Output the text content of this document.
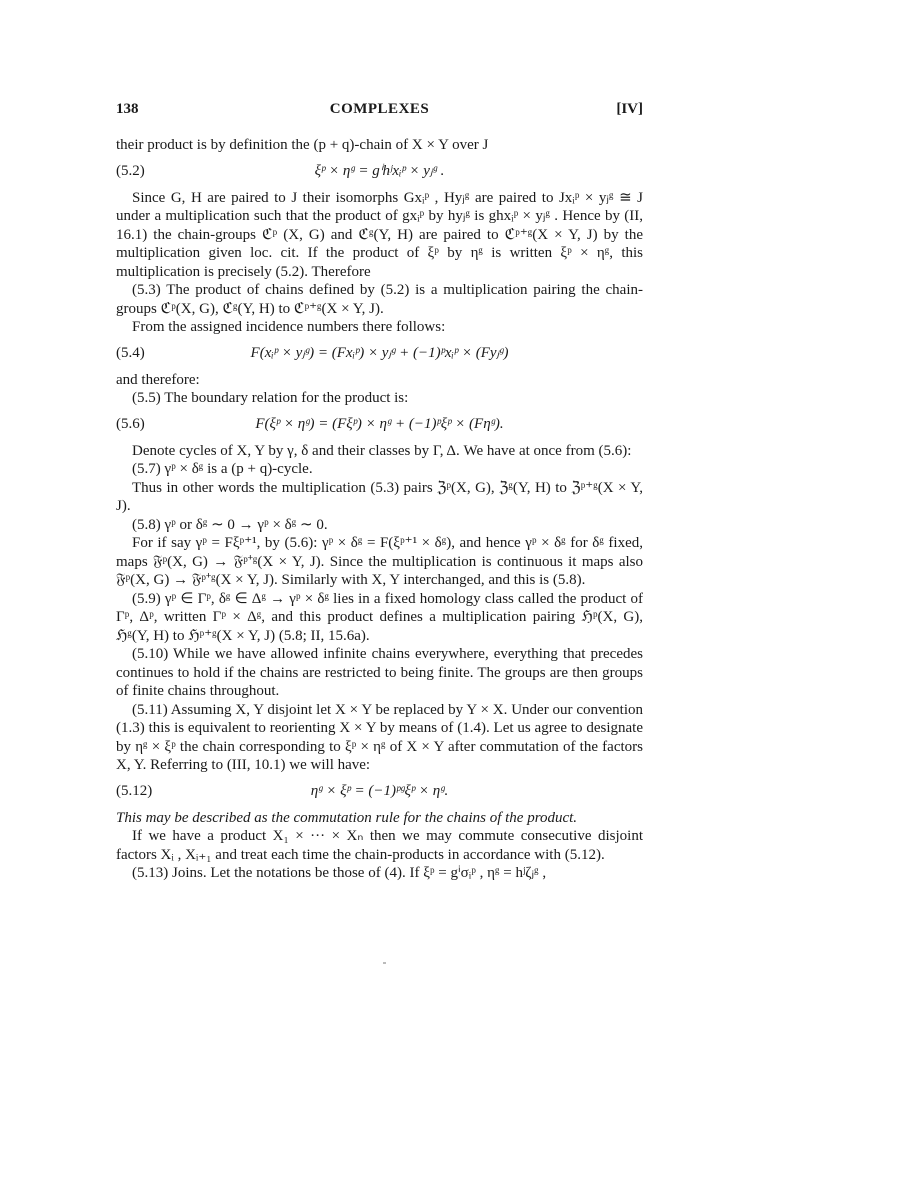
138	COMPLEXES	[IV]

their product is by definition the (p + q)-chain of X × Y over J

(5.2)	ξᵖ × ηᵍ = gⁱhʲxᵢᵖ × yⱼᵍ .

Since G, H are paired to J their isomorphs Gxᵢᵖ , Hyⱼᵍ are paired to Jxᵢᵖ × yⱼᵍ ≅ J under a multiplication such that the product of gxᵢᵖ by hyⱼᵍ is ghxᵢᵖ × yⱼᵍ . Hence by (II, 16.1) the chain-groups ℭᵖ (X, G) and ℭᵍ(Y, H) are paired to ℭᵖ⁺ᵍ(X × Y, J) by the multiplication given loc. cit. If the product of ξᵖ by ηᵍ is written ξᵖ × ηᵍ, this multiplication is precisely (5.2). Therefore

(5.3) The product of chains defined by (5.2) is a multiplication pairing the chain-groups ℭᵖ(X, G), ℭᵍ(Y, H) to ℭᵖ⁺ᵍ(X × Y, J).

From the assigned incidence numbers there follows:

(5.4)	F(xᵢᵖ × yⱼᵍ) = (Fxᵢᵖ) × yⱼᵍ + (−1)ᵖxᵢᵖ × (Fyⱼᵍ)

and therefore:

(5.5) The boundary relation for the product is:

(5.6)	F(ξᵖ × ηᵍ) = (Fξᵖ) × ηᵍ + (−1)ᵖξᵖ × (Fηᵍ).

Denote cycles of X, Y by γ, δ and their classes by Γ, Δ. We have at once from (5.6):

(5.7) γᵖ × δᵍ is a (p + q)-cycle.

Thus in other words the multiplication (5.3) pairs ℨᵖ(X, G), ℨᵍ(Y, H) to ℨᵖ⁺ᵍ(X × Y, J).

(5.8) γᵖ or δᵍ ∼ 0 → γᵖ × δᵍ ∼ 0.

For if say γᵖ = Fξᵖ⁺¹, by (5.6): γᵖ × δᵍ = F(ξᵖ⁺¹ × δᵍ), and hence γᵖ × δᵍ for δᵍ fixed, maps 𝔉ᵖ(X, G) → 𝔉ᵖ⁺ᵍ(X × Y, J). Since the multiplication is continuous it maps also 𝔉ᵖ(X, G) → 𝔉ᵖ⁺ᵍ(X × Y, J). Similarly with X, Y interchanged, and this is (5.8).

(5.9) γᵖ ∈ Γᵖ, δᵍ ∈ Δᵍ → γᵖ × δᵍ lies in a fixed homology class called the product of Γᵖ, Δᵖ, written Γᵖ × Δᵍ, and this product defines a multiplication pairing ℌᵖ(X, G), ℌᵍ(Y, H) to ℌᵖ⁺ᵍ(X × Y, J) (5.8; II, 15.6a).

(5.10) While we have allowed infinite chains everywhere, everything that precedes continues to hold if the chains are restricted to being finite. The groups are then groups of finite chains throughout.

(5.11) Assuming X, Y disjoint let X × Y be replaced by Y × X. Under our convention (1.3) this is equivalent to reorienting X × Y by means of (1.4). Let us agree to designate by ηᵍ × ξᵖ the chain corresponding to ξᵖ × ηᵍ of X × Y after commutation of the factors X, Y. Referring to (III, 10.1) we will have:

(5.12)	ηᵍ × ξᵖ = (−1)ᵖᵍξᵖ × ηᵍ.

This may be described as the commutation rule for the chains of the product.

If we have a product X₁ × ··· × Xₙ then we may commute consecutive disjoint factors Xᵢ , Xᵢ₊₁ and treat each time the chain-products in accordance with (5.12).

(5.13) Joins. Let the notations be those of (4). If ξᵖ = gⁱσᵢᵖ , ηᵍ = hʲζⱼᵍ ,
